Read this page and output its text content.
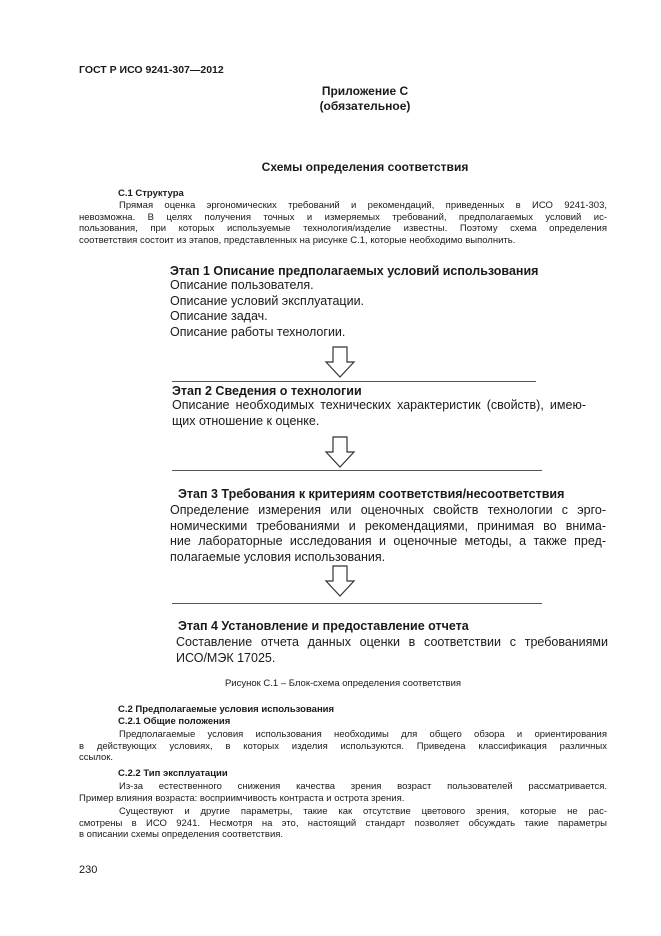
ГОСТ Р ИСО 9241-307—2012
Приложение С
(обязательное)
Схемы определения соответствия
С.1 Структура
Прямая оценка эргономических требований и рекомендаций, приведенных в ИСО 9241-303,
невозможна. В целях получения точных и измеряемых требований, предполагаемых условий ис-
пользования, при которых используемые технология/изделие известны. Поэтому схема определения
соответствия состоит из этапов, представленных на рисунке С.1, которые необходимо выполнить.
Этап 1 Описание предполагаемых условий использования
Описание пользователя.
Описание условий эксплуатации.
Описание задач.
Описание работы технологии.
Этап 2 Сведения о технологии
Описание необходимых технических характеристик (свойств), имею-
щих отношение к оценке.
Этап 3 Требования к критериям соответствия/несоответствия
Определение измерения или оценочных свойств технологии с эрго-
номическими требованиями и рекомендациями, принимая во внима-
ние лабораторные исследования и оценочные методы, а также пред-
полагаемые условия использования.
Этап 4 Установление и предоставление отчета
Составление отчета данных оценки в соответствии с требованиями
ИСО/МЭК 17025.
Рисунок С.1 – Блок-схема определения соответствия
С.2 Предполагаемые условия использования
С.2.1 Общие положения
Предполагаемые условия использования необходимы для общего обзора и ориентирования
в действующих условиях, в которых изделия используются. Приведена классификация различных
ссылок.
С.2.2 Тип эксплуатации
Из-за естественного снижения качества зрения возраст пользователей рассматривается.
Пример влияния возраста: восприимчивость контраста и острота зрения.
Существуют и другие параметры, такие как отсутствие цветового зрения, которые не рас-
смотрены в ИСО 9241. Несмотря на это, настоящий стандарт позволяет обсуждать такие параметры
в описании схемы определения соответствия.
230
